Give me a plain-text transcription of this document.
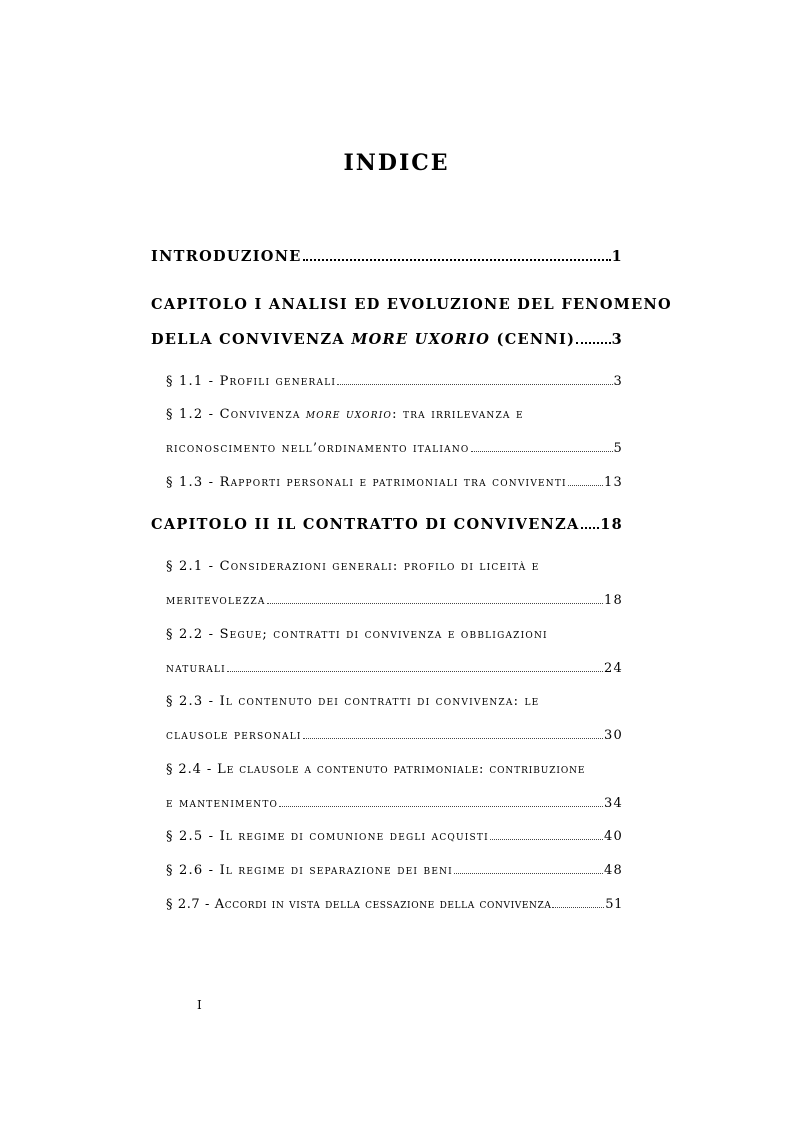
INDICE
INTRODUZIONE	1
CAPITOLO I ANALISI ED EVOLUZIONE DEL FENOMENO
DELLA CONVIVENZA MORE UXORIO (CENNI)	3
§ 1.1 - Profili generali	3
§ 1.2 - Convivenza more uxorio: tra irrilevanza e
riconoscimento nell’ordinamento italiano	5
§ 1.3 - Rapporti personali e patrimoniali tra conviventi	13
CAPITOLO II IL CONTRATTO DI CONVIVENZA 18
§ 2.1 - Considerazioni generali: profilo di liceità e
meritevolezza	18
§ 2.2 - Segue; contratti di convivenza e obbligazioni
naturali	24
§ 2.3 - Il contenuto dei contratti di convivenza: le
clausole personali	30
§ 2.4 - Le clausole a contenuto patrimoniale: contribuzione
e mantenimento	34
§ 2.5 - Il regime di comunione degli acquisti	40
§ 2.6 - Il regime di separazione dei beni	48
§ 2.7 - Accordi in vista della cessazione della convivenza	51
I
